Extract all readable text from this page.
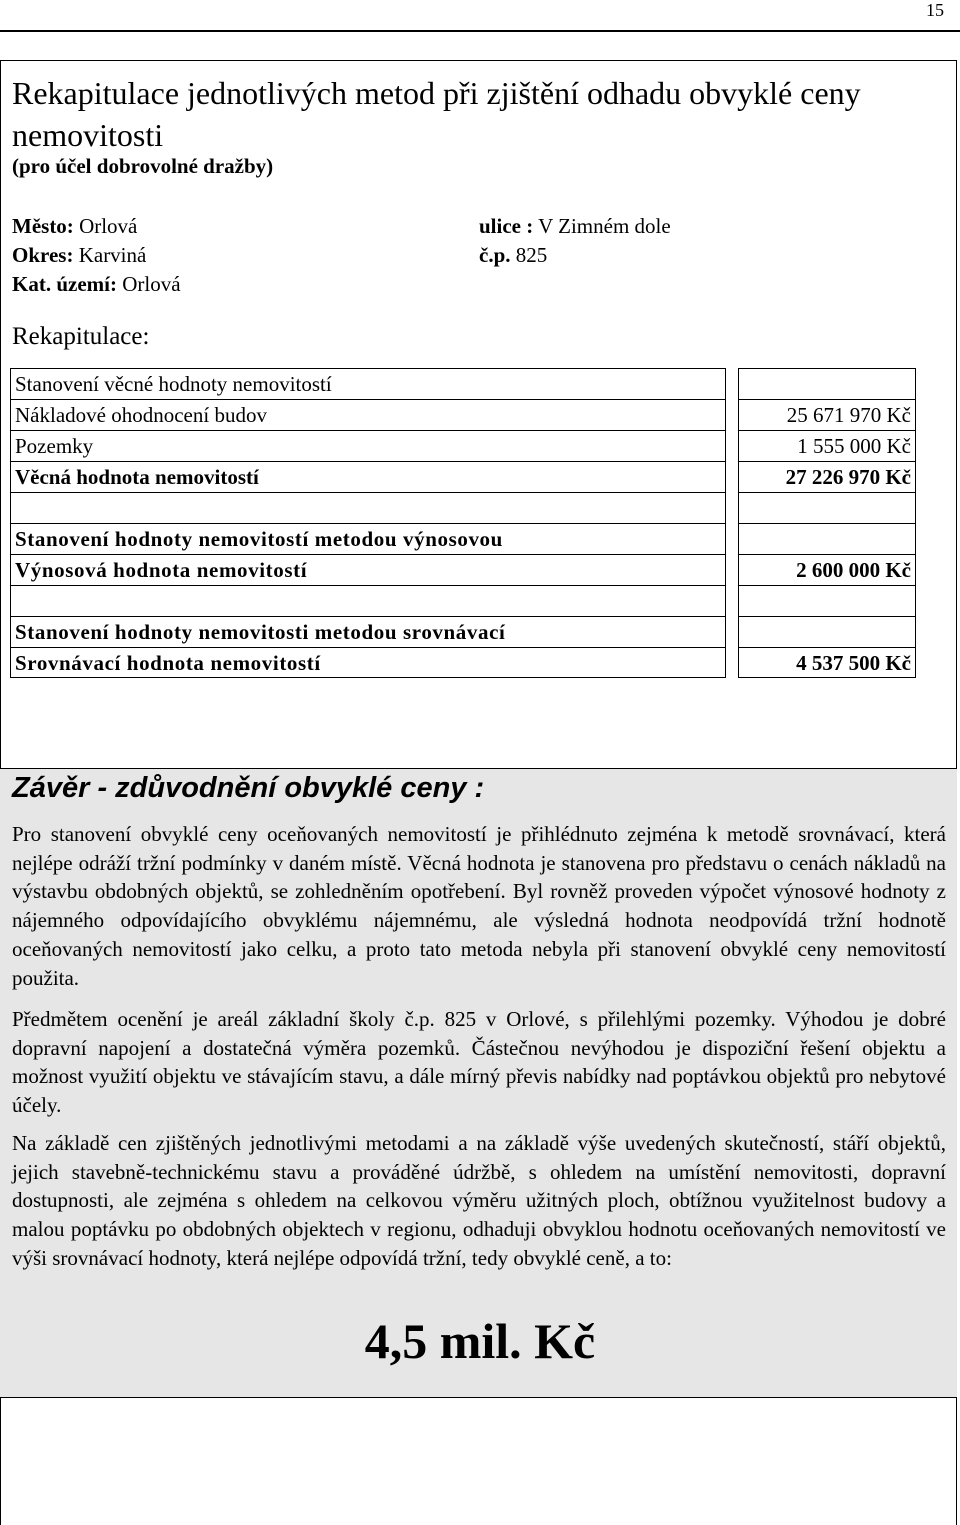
15
Rekapitulace jednotlivých metod při zjištění odhadu obvyklé ceny nemovitosti
(pro účel dobrovolné dražby)
Město: Orlová
Okres: Karviná
Kat. území: Orlová
ulice : V Zimném dole
č.p. 825
Rekapitulace:
Stanovení věcné hodnoty nemovitostí
Nákladové ohodnocení budov	25 671 970 Kč
Pozemky	1 555 000 Kč
Věcná hodnota nemovitostí	27 226 970 Kč
Stanovení hodnoty nemovitostí metodou výnosovou
Výnosová hodnota nemovitostí	2 600 000 Kč
Stanovení hodnoty nemovitosti metodou srovnávací
Srovnávací hodnota nemovitostí	4 537 500 Kč
Závěr - zdůvodnění obvyklé ceny :

Pro stanovení obvyklé ceny oceňovaných nemovitostí je přihlédnuto zejména k metodě srovnávací, která nejlépe odráží tržní podmínky v daném místě. Věcná hodnota je stanovena pro představu o cenách nákladů na výstavbu obdobných objektů, se zohledněním opotřebení. Byl rovněž proveden výpočet výnosové hodnoty z nájemného odpovídajícího obvyklému nájemnému, ale výsledná hodnota neodpovídá tržní hodnotě oceňovaných nemovitostí jako celku, a proto tato metoda nebyla při stanovení obvyklé ceny nemovitostí použita.

Předmětem ocenění je areál základní školy č.p. 825 v Orlové, s přilehlými pozemky. Výhodou je dobré dopravní napojení a dostatečná výměra pozemků. Částečnou nevýhodou je dispoziční řešení objektu a možnost využití objektu ve stávajícím stavu, a dále mírný převis nabídky nad poptávkou objektů pro nebytové účely.

Na základě cen zjištěných jednotlivými metodami a na základě výše uvedených skutečností, stáří objektů, jejich stavebně-technickému stavu a prováděné údržbě, s ohledem na umístění nemovitosti, dopravní dostupnosti, ale zejména s ohledem na celkovou výměru užitných ploch, obtížnou využitelnost budovy a malou poptávku po obdobných objektech v regionu, odhaduji obvyklou hodnotu oceňovaných nemovitostí ve výši srovnávací hodnoty, která nejlépe odpovídá tržní, tedy obvyklé ceně, a to:

4,5 mil. Kč
